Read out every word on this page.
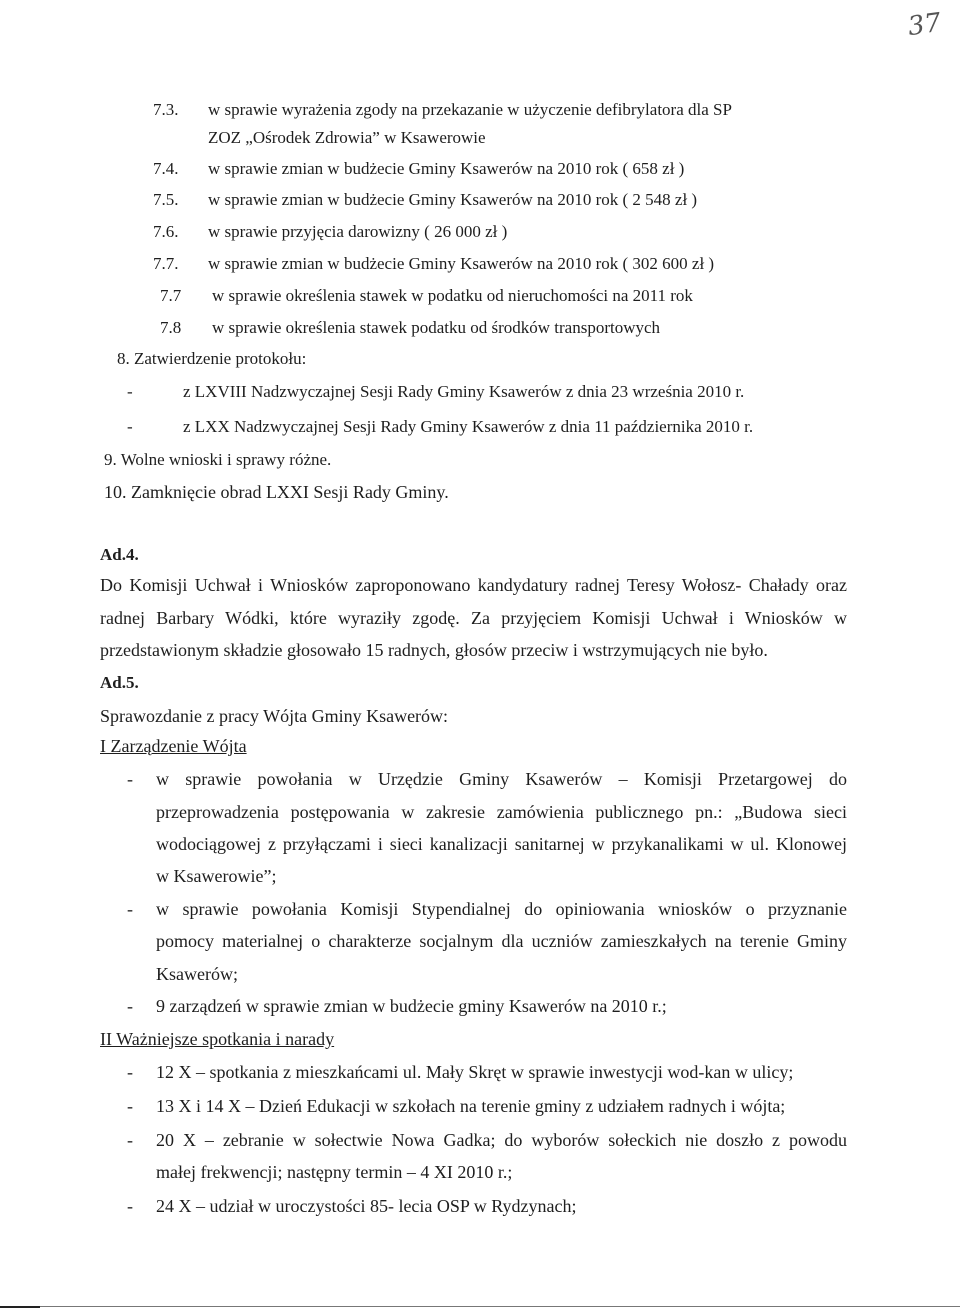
37
7.3. w sprawie wyrażenia zgody na przekazanie w użyczenie defibrylatora dla SP
ZOZ „Ośrodek Zdrowia” w Ksawerowie
7.4. w sprawie zmian w budżecie Gminy Ksawerów na 2010 rok ( 658 zł )
7.5. w sprawie zmian w budżecie Gminy Ksawerów na 2010 rok ( 2 548 zł )
7.6. w sprawie przyjęcia darowizny ( 26 000 zł )
7.7. w sprawie zmian w budżecie Gminy Ksawerów na 2010 rok ( 302 600 zł )
7.7 w sprawie określenia stawek w podatku od nieruchomości na 2011 rok
7.8 w sprawie określenia stawek podatku od środków transportowych
8. Zatwierdzenie protokołu:
-	z LXVIII Nadzwyczajnej Sesji Rady Gminy Ksawerów z dnia 23 września 2010 r.
-	z LXX Nadzwyczajnej Sesji Rady Gminy Ksawerów z dnia 11 października 2010 r.
9. Wolne wnioski i sprawy różne.
10. Zamknięcie obrad LXXI Sesji Rady Gminy.
Ad.4.
Do Komisji Uchwał i Wniosków zaproponowano kandydatury radnej Teresy Wołosz- Chałady oraz
radnej Barbary Wódki, które wyraziły zgodę. Za przyjęciem Komisji Uchwał i Wniosków w
przedstawionym składzie głosowało 15 radnych, głosów przeciw i wstrzymujących nie było.
Ad.5.
Sprawozdanie z pracy Wójta Gminy Ksawerów:
I Zarządzenie Wójta
- w sprawie powołania w Urzędzie Gminy Ksawerów – Komisji Przetargowej do
przeprowadzenia postępowania w zakresie zamówienia publicznego pn.: „Budowa sieci
wodociągowej z przyłączami i sieci kanalizacji sanitarnej w przykanalikami w ul. Klonowej
w Ksawerowie”;
- w sprawie powołania Komisji Stypendialnej do opiniowania wniosków o przyznanie
pomocy materialnej o charakterze socjalnym dla uczniów zamieszkałych na terenie Gminy
Ksawerów;
- 9 zarządzeń w sprawie zmian w budżecie gminy Ksawerów na 2010 r.;
II Ważniejsze spotkania i narady
- 12 X – spotkania z mieszkańcami ul. Mały Skręt w sprawie inwestycji wod-kan w ulicy;
- 13 X i 14 X – Dzień Edukacji w szkołach na terenie gminy z udziałem radnych i wójta;
- 20 X – zebranie w sołectwie Nowa Gadka; do wyborów sołeckich nie doszło z powodu
małej frekwencji; następny termin – 4 XI 2010 r.;
- 24 X – udział w uroczystości 85- lecia OSP w Rydzynach;
